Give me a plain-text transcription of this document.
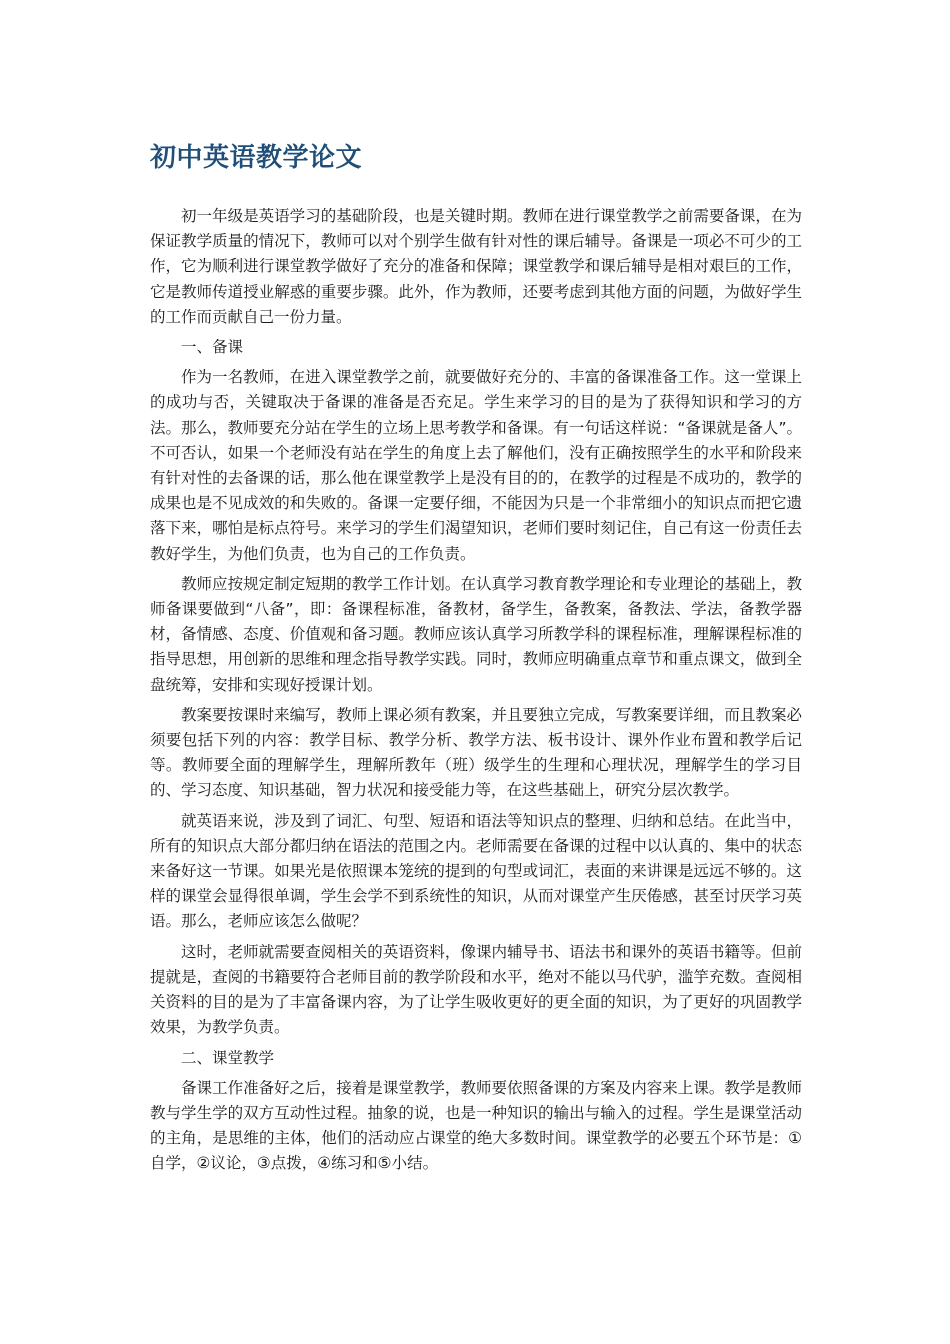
初中英语教学论文

初一年级是英语学习的基础阶段，也是关键时期。教师在进行课堂教学之前需要备课，在为保证教学质量的情况下，教师可以对个别学生做有针对性的课后辅导。备课是一项必不可少的工作，它为顺利进行课堂教学做好了充分的准备和保障；课堂教学和课后辅导是相对艰巨的工作，它是教师传道授业解惑的重要步骤。此外，作为教师，还要考虑到其他方面的问题，为做好学生的工作而贡献自己一份力量。

一、备课

作为一名教师，在进入课堂教学之前，就要做好充分的、丰富的备课准备工作。这一堂课上的成功与否，关键取决于备课的准备是否充足。学生来学习的目的是为了获得知识和学习的方法。那么，教师要充分站在学生的立场上思考教学和备课。有一句话这样说：“备课就是备人”。不可否认，如果一个老师没有站在学生的角度上去了解他们，没有正确按照学生的水平和阶段来有针对性的去备课的话，那么他在课堂教学上是没有目的的，在教学的过程是不成功的，教学的成果也是不见成效的和失败的。备课一定要仔细，不能因为只是一个非常细小的知识点而把它遗落下来，哪怕是标点符号。来学习的学生们渴望知识，老师们要时刻记住，自己有这一份责任去教好学生，为他们负责，也为自己的工作负责。

教师应按规定制定短期的教学工作计划。在认真学习教育教学理论和专业理论的基础上，教师备课要做到“八备”，即：备课程标准，备教材，备学生，备教案，备教法、学法，备教学器材，备情感、态度、价值观和备习题。教师应该认真学习所教学科的课程标准，理解课程标准的指导思想，用创新的思维和理念指导教学实践。同时，教师应明确重点章节和重点课文，做到全盘统筹，安排和实现好授课计划。

教案要按课时来编写，教师上课必须有教案，并且要独立完成，写教案要详细，而且教案必须要包括下列的内容：教学目标、教学分析、教学方法、板书设计、课外作业布置和教学后记等。教师要全面的理解学生，理解所教年（班）级学生的生理和心理状况，理解学生的学习目的、学习态度、知识基础，智力状况和接受能力等，在这些基础上，研究分层次教学。

就英语来说，涉及到了词汇、句型、短语和语法等知识点的整理、归纳和总结。在此当中，所有的知识点大部分都归纳在语法的范围之内。老师需要在备课的过程中以认真的、集中的状态来备好这一节课。如果光是依照课本笼统的提到的句型或词汇，表面的来讲课是远远不够的。这样的课堂会显得很单调，学生会学不到系统性的知识，从而对课堂产生厌倦感，甚至讨厌学习英语。那么，老师应该怎么做呢？

这时，老师就需要查阅相关的英语资料，像课内辅导书、语法书和课外的英语书籍等。但前提就是，查阅的书籍要符合老师目前的教学阶段和水平，绝对不能以马代驴，滥竽充数。查阅相关资料的目的是为了丰富备课内容，为了让学生吸收更好的更全面的知识，为了更好的巩固教学效果，为教学负责。

二、课堂教学

备课工作准备好之后，接着是课堂教学，教师要依照备课的方案及内容来上课。教学是教师教与学生学的双方互动性过程。抽象的说，也是一种知识的输出与输入的过程。学生是课堂活动的主角，是思维的主体，他们的活动应占课堂的绝大多数时间。课堂教学的必要五个环节是：①自学，②议论，③点拨，④练习和⑤小结。
